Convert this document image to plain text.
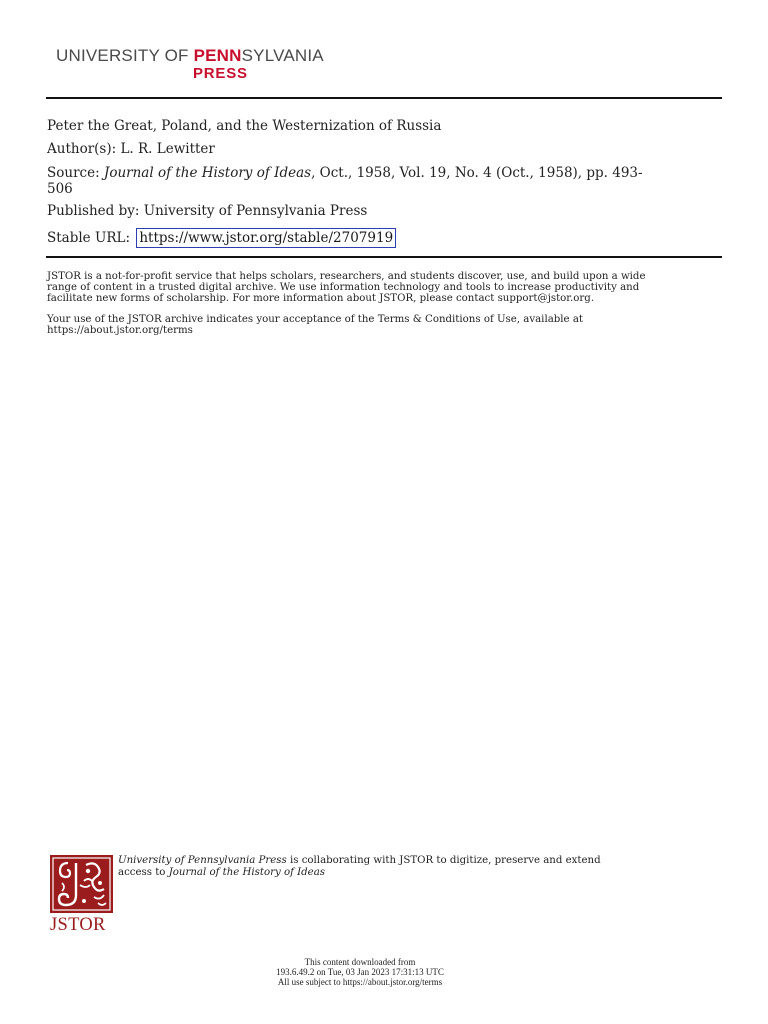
UNIVERSITY OF PENNSYLVANIA
PRESS
Peter the Great, Poland, and the Westernization of Russia
Author(s): L. R. Lewitter
Source: Journal of the History of Ideas, Oct., 1958, Vol. 19, No. 4 (Oct., 1958), pp. 493-
506
Published by: University of Pennsylvania Press
Stable URL: https://www.jstor.org/stable/2707919
JSTOR is a not-for-profit service that helps scholars, researchers, and students discover, use, and build upon a wide
range of content in a trusted digital archive. We use information technology and tools to increase productivity and
facilitate new forms of scholarship. For more information about JSTOR, please contact support@jstor.org.
Your use of the JSTOR archive indicates your acceptance of the Terms & Conditions of Use, available at
https://about.jstor.org/terms
JSTOR
University of Pennsylvania Press is collaborating with JSTOR to digitize, preserve and extend
access to Journal of the History of Ideas
This content downloaded from
193.6.49.2 on Tue, 03 Jan 2023 17:31:13 UTC
All use subject to https://about.jstor.org/terms
